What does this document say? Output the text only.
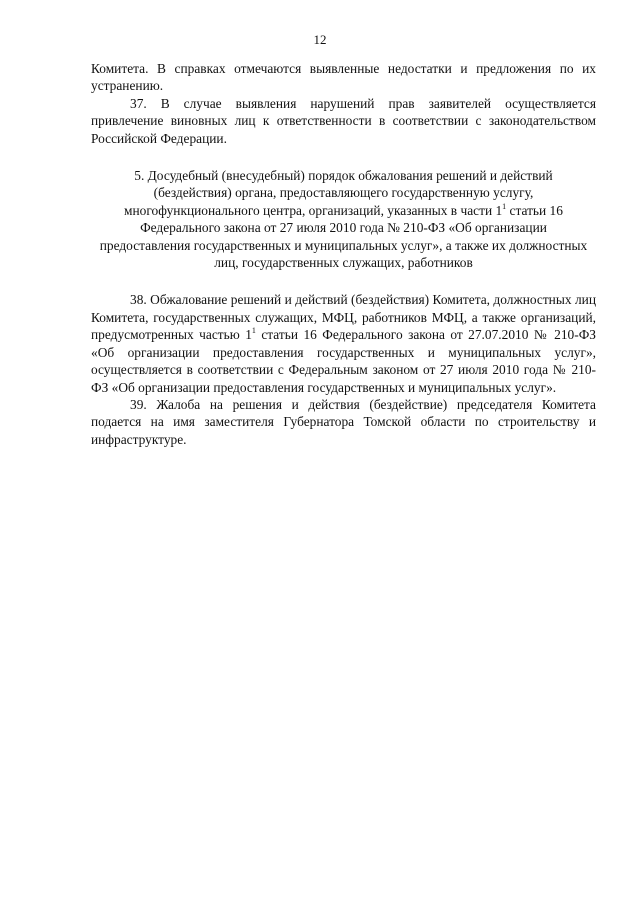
12

Комитета. В справках отмечаются выявленные недостатки и предложения по их устранению.

37. В случае выявления нарушений прав заявителей осуществляется привлечение виновных лиц к ответственности в соответствии с законодательством Российской Федерации.

5. Досудебный (внесудебный) порядок обжалования решений и действий (бездействия) органа, предоставляющего государственную услугу, многофункционального центра, организаций, указанных в части $1^1$ статьи 16 Федерального закона от 27 июля 2010 года № 210-ФЗ «Об организации предоставления государственных и муниципальных услуг», а также их должностных лиц, государственных служащих, работников

38. Обжалование решений и действий (бездействия) Комитета, должностных лиц Комитета, государственных служащих, МФЦ, работников МФЦ, а также организаций, предусмотренных частью $1^1$ статьи 16 Федерального закона от 27.07.2010 № 210-ФЗ «Об организации предоставления государственных и муниципальных услуг», осуществляется в соответствии с Федеральным законом от 27 июля 2010 года № 210-ФЗ «Об организации предоставления государственных и муниципальных услуг».

39. Жалоба на решения и действия (бездействие) председателя Комитета подается на имя заместителя Губернатора Томской области по строительству и инфраструктуре.
